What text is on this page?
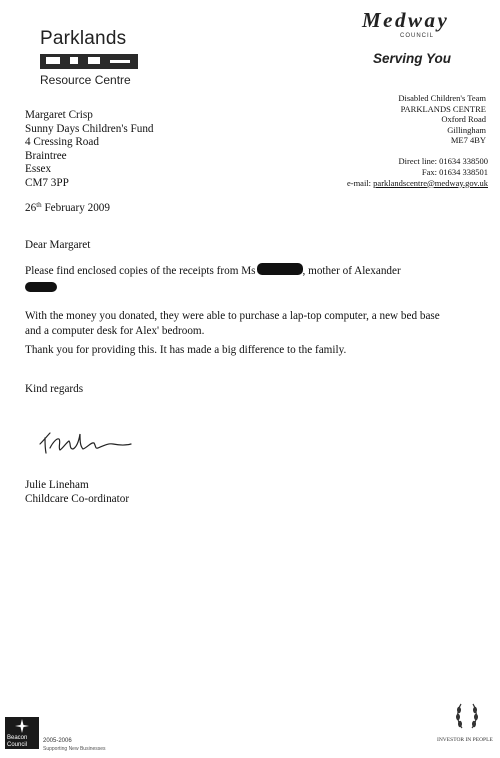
Parklands
Resource Centre
Medway
COUNCIL
Serving You
Disabled Children's Team
PARKLANDS CENTRE
Oxford Road
Gillingham
ME7 4BY
Direct line: 01634 338500
Fax: 01634 338501
e-mail: parklandscentre@medway.gov.uk
Margaret Crisp
Sunny Days Children's Fund
4 Cressing Road
Braintree
Essex
CM7 3PP
26th February 2009
Dear Margaret
Please find enclosed copies of the receipts from Ms	, mother of Alexander

With the money you donated, they were able to purchase a lap-top computer, a new bed base and a computer desk for Alex' bedroom.
Thank you for providing this. It has made a big difference to the family.
Kind regards
Julie Lineham
Childcare Co-ordinator
Beacon
Council
2005-2006
Supporting New Businesses
INVESTOR IN PEOPLE
